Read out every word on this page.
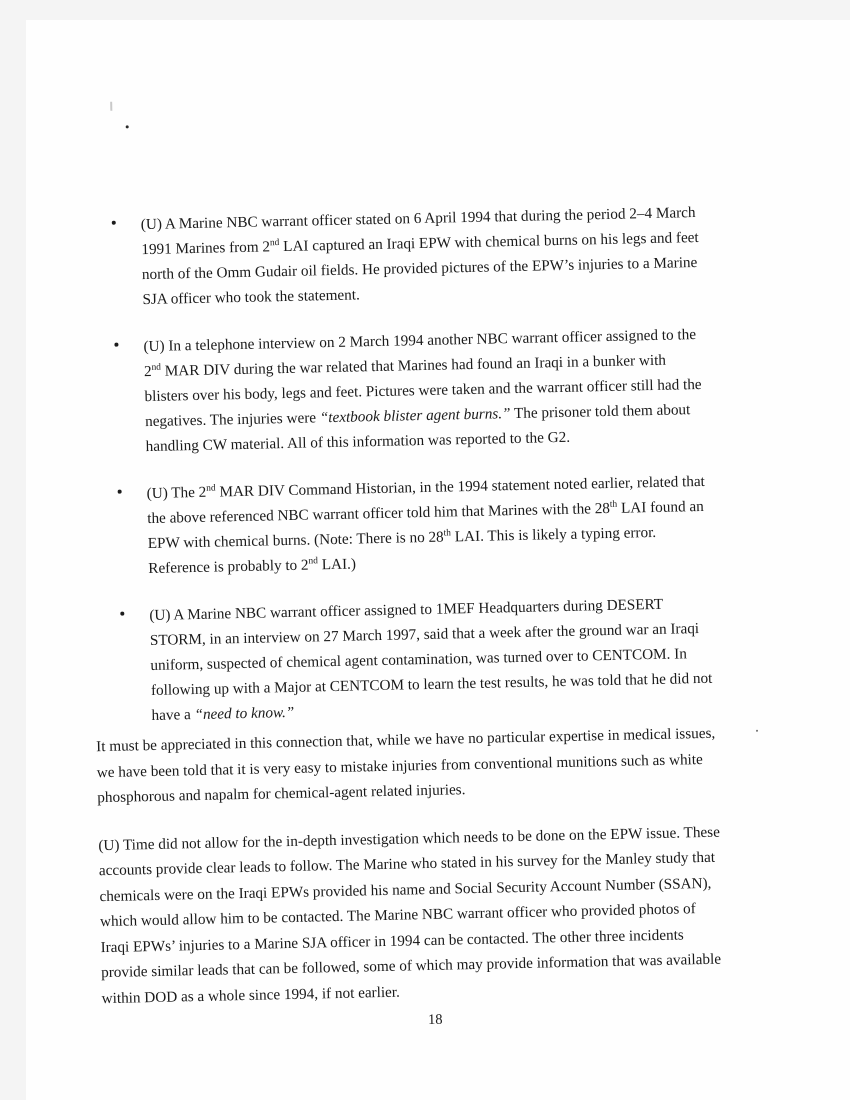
(U) A Marine NBC warrant officer stated on 6 April 1994 that during the period 2–4 March 1991 Marines from 2nd LAI captured an Iraqi EPW with chemical burns on his legs and feet north of the Omm Gudair oil fields. He provided pictures of the EPW’s injuries to a Marine SJA officer who took the statement.
(U) In a telephone interview on 2 March 1994 another NBC warrant officer assigned to the 2nd MAR DIV during the war related that Marines had found an Iraqi in a bunker with blisters over his body, legs and feet. Pictures were taken and the warrant officer still had the negatives. The injuries were “textbook blister agent burns.” The prisoner told them about handling CW material. All of this information was reported to the G2.
(U) The 2nd MAR DIV Command Historian, in the 1994 statement noted earlier, related that the above referenced NBC warrant officer told him that Marines with the 28th LAI found an EPW with chemical burns. (Note: There is no 28th LAI. This is likely a typing error. Reference is probably to 2nd LAI.)
(U) A Marine NBC warrant officer assigned to 1MEF Headquarters during DESERT STORM, in an interview on 27 March 1997, said that a week after the ground war an Iraqi uniform, suspected of chemical agent contamination, was turned over to CENTCOM. In following up with a Major at CENTCOM to learn the test results, he was told that he did not have a “need to know.”

It must be appreciated in this connection that, while we have no particular expertise in medical issues, we have been told that it is very easy to mistake injuries from conventional munitions such as white phosphorous and napalm for chemical-agent related injuries.

(U) Time did not allow for the in-depth investigation which needs to be done on the EPW issue. These accounts provide clear leads to follow. The Marine who stated in his survey for the Manley study that chemicals were on the Iraqi EPWs provided his name and Social Security Account Number (SSAN), which would allow him to be contacted. The Marine NBC warrant officer who provided photos of Iraqi EPWs’ injuries to a Marine SJA officer in 1994 can be contacted. The other three incidents provide similar leads that can be followed, some of which may provide information that was available within DOD as a whole since 1994, if not earlier.

18
